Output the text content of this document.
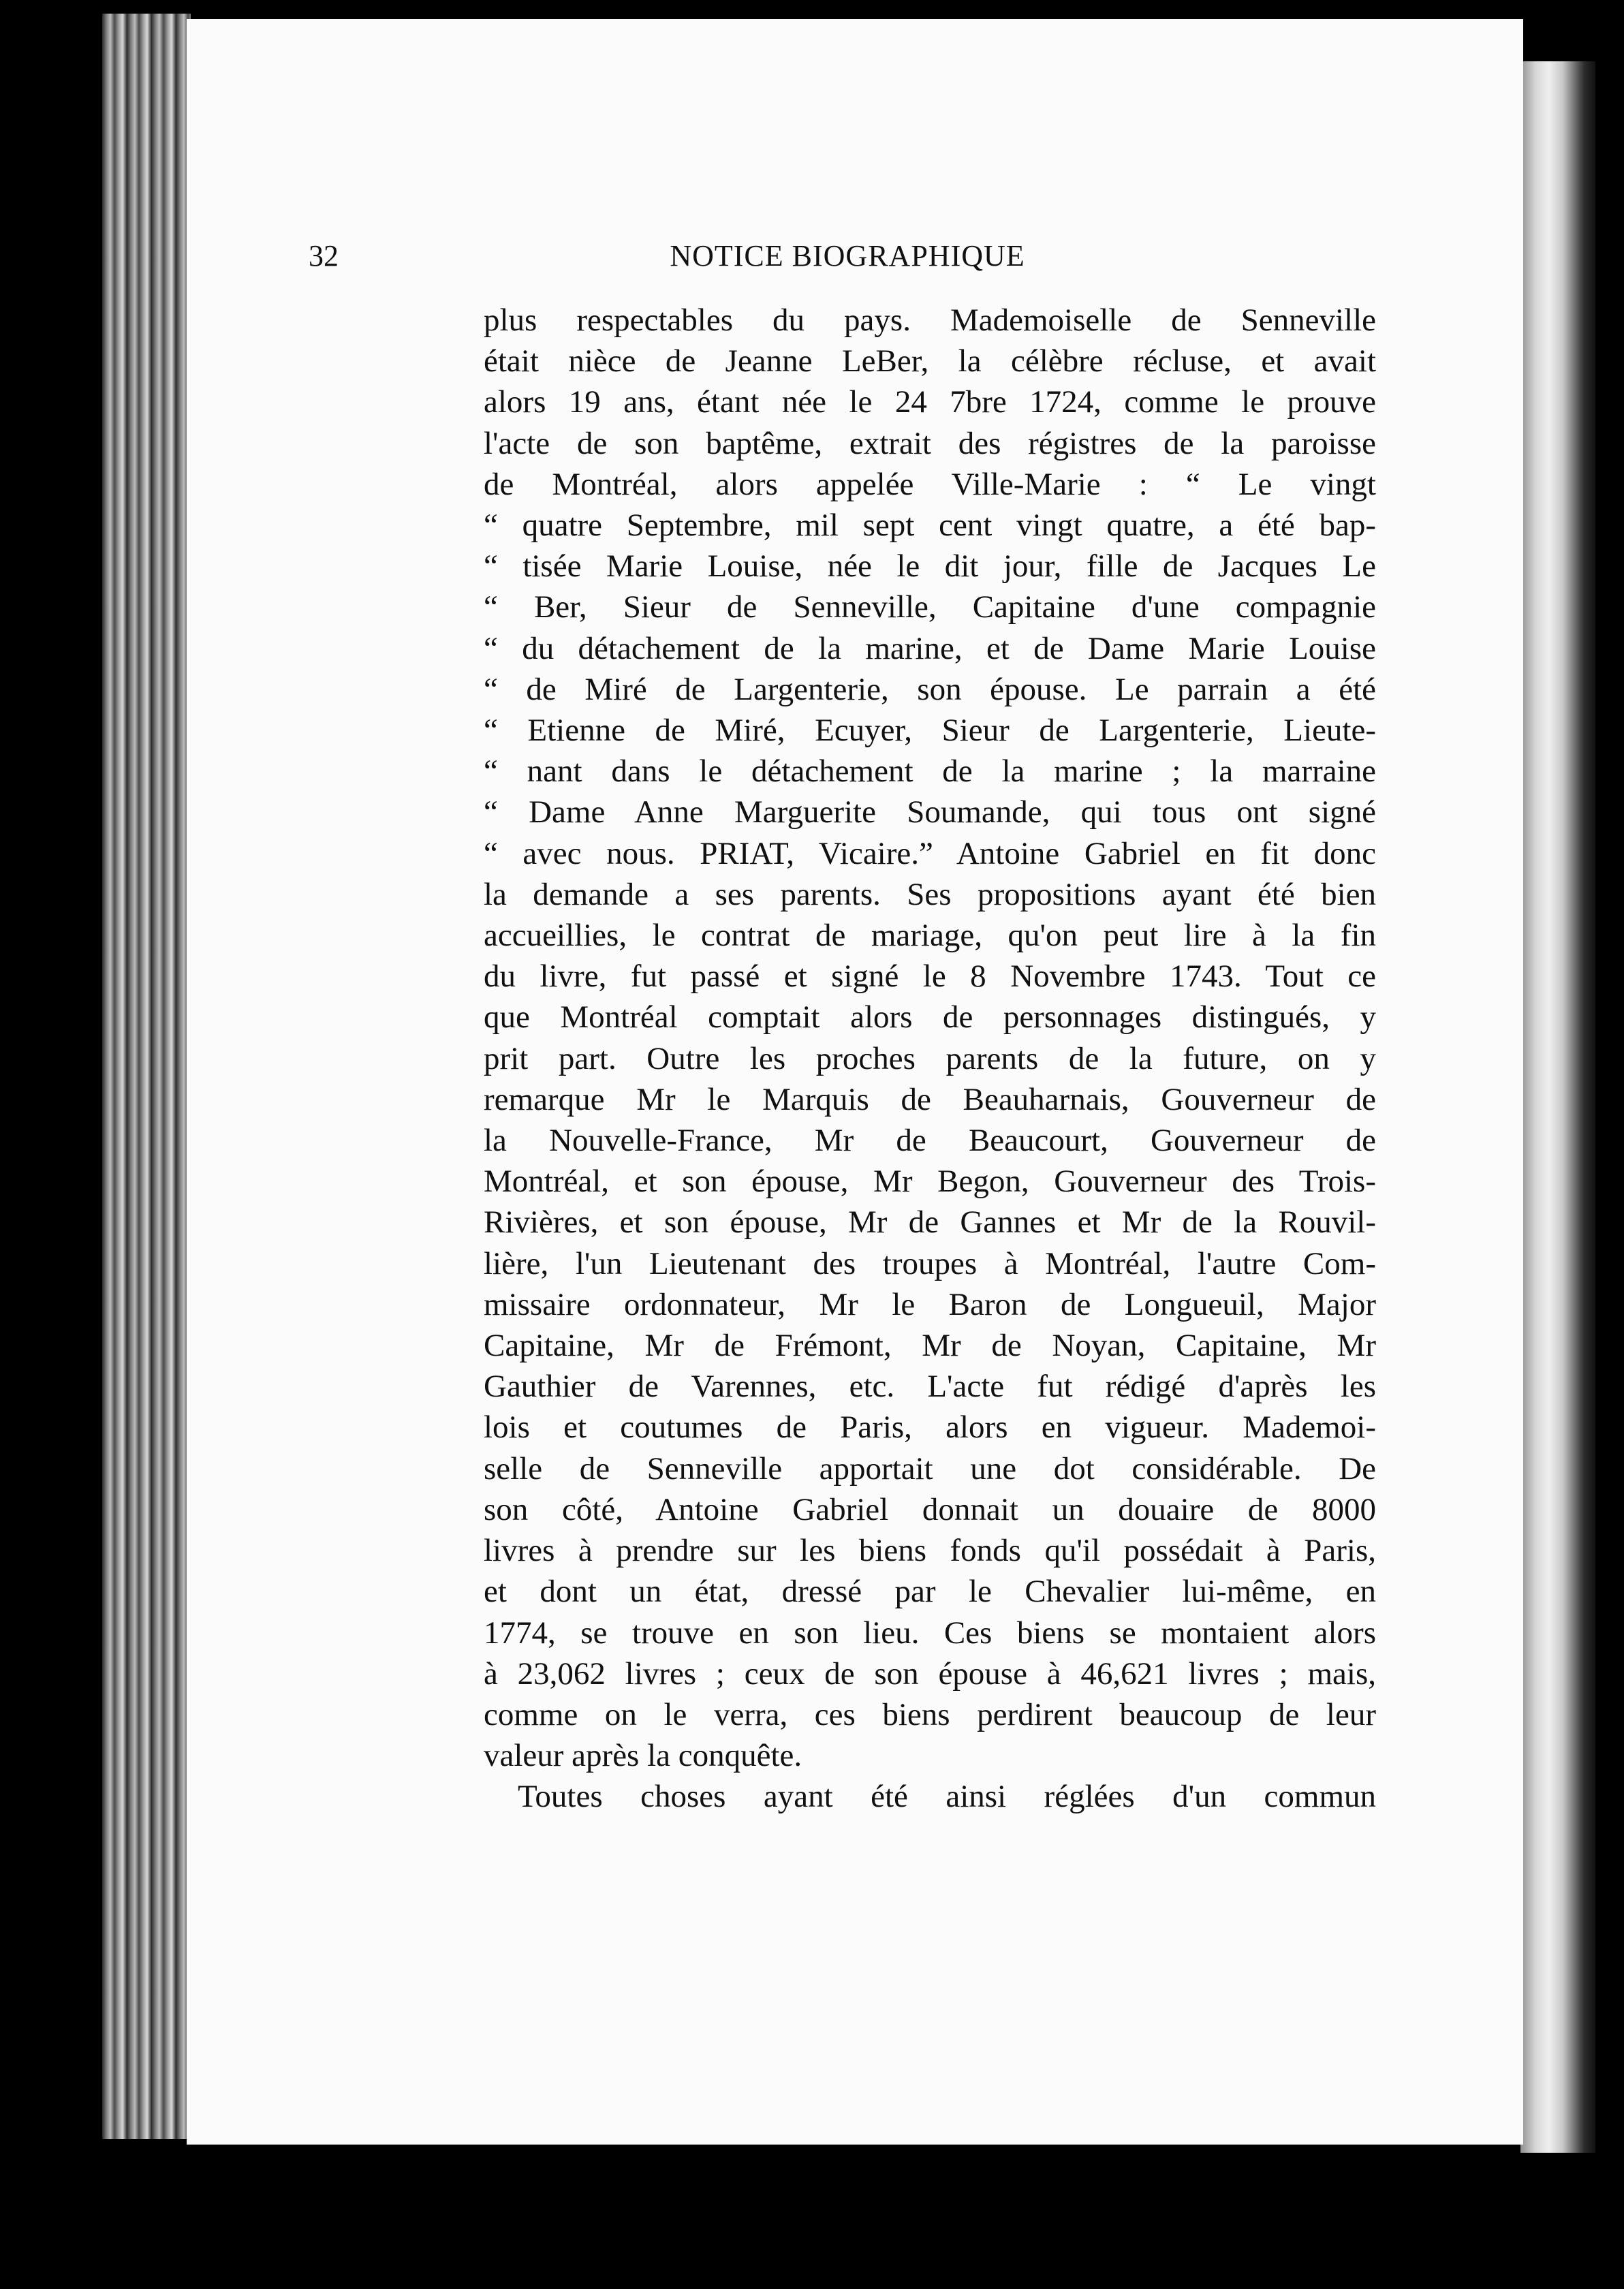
32	NOTICE BIOGRAPHIQUE
plus respectables du pays. Mademoiselle de Senneville
était nièce de Jeanne LeBer, la célèbre récluse, et avait
alors 19 ans, étant née le 24 7bre 1724, comme le prouve
l'acte de son baptême, extrait des régistres de la paroisse
de Montréal, alors appelée Ville-Marie : “ Le vingt
“ quatre Septembre, mil sept cent vingt quatre, a été bap-
“ tisée Marie Louise, née le dit jour, fille de Jacques Le
“ Ber, Sieur de Senneville, Capitaine d'une compagnie
“ du détachement de la marine, et de Dame Marie Louise
“ de Miré de Largenterie, son épouse. Le parrain a été
“ Etienne de Miré, Ecuyer, Sieur de Largenterie, Lieute-
“ nant dans le détachement de la marine ; la marraine
“ Dame Anne Marguerite Soumande, qui tous ont signé
“ avec nous. PRIAT, Vicaire.” Antoine Gabriel en fit donc
la demande a ses parents. Ses propositions ayant été bien
accueillies, le contrat de mariage, qu'on peut lire à la fin
du livre, fut passé et signé le 8 Novembre 1743. Tout ce
que Montréal comptait alors de personnages distingués, y
prit part. Outre les proches parents de la future, on y
remarque Mr le Marquis de Beauharnais, Gouverneur de
la Nouvelle-France, Mr de Beaucourt, Gouverneur de
Montréal, et son épouse, Mr Begon, Gouverneur des Trois-
Rivières, et son épouse, Mr de Gannes et Mr de la Rouvil-
lière, l'un Lieutenant des troupes à Montréal, l'autre Com-
missaire ordonnateur, Mr le Baron de Longueuil, Major
Capitaine, Mr de Frémont, Mr de Noyan, Capitaine, Mr
Gauthier de Varennes, etc. L'acte fut rédigé d'après les
lois et coutumes de Paris, alors en vigueur. Mademoi-
selle de Senneville apportait une dot considérable. De
son côté, Antoine Gabriel donnait un douaire de 8000
livres à prendre sur les biens fonds qu'il possédait à Paris,
et dont un état, dressé par le Chevalier lui-même, en
1774, se trouve en son lieu. Ces biens se montaient alors
à 23,062 livres ; ceux de son épouse à 46,621 livres ; mais,
comme on le verra, ces biens perdirent beaucoup de leur
valeur après la conquête.
Toutes choses ayant été ainsi réglées d'un commun
